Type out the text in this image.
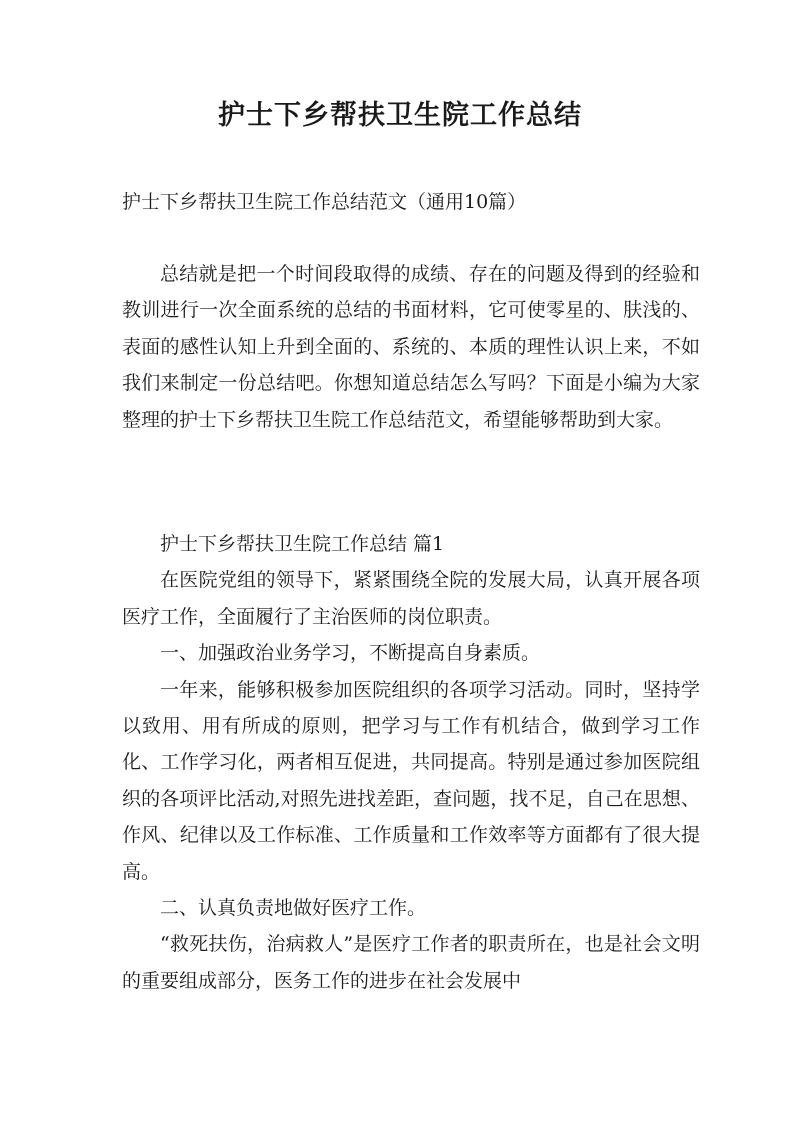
护士下乡帮扶卫生院工作总结
护士下乡帮扶卫生院工作总结范文（通用10篇）

总结就是把一个时间段取得的成绩、存在的问题及得到的经验和教训进行一次全面系统的总结的书面材料，它可使零星的、肤浅的、表面的感性认知上升到全面的、系统的、本质的理性认识上来，不如我们来制定一份总结吧。你想知道总结怎么写吗？下面是小编为大家整理的护士下乡帮扶卫生院工作总结范文，希望能够帮助到大家。

护士下乡帮扶卫生院工作总结 篇1

在医院党组的领导下，紧紧围绕全院的发展大局，认真开展各项医疗工作，全面履行了主治医师的岗位职责。

一、加强政治业务学习，不断提高自身素质。

一年来，能够积极参加医院组织的各项学习活动。同时，坚持学以致用、用有所成的原则，把学习与工作有机结合，做到学习工作化、工作学习化，两者相互促进，共同提高。特别是通过参加医院组织的各项评比活动,对照先进找差距，查问题，找不足，自己在思想、作风、纪律以及工作标准、工作质量和工作效率等方面都有了很大提高。

二、认真负责地做好医疗工作。

“救死扶伤，治病救人”是医疗工作者的职责所在，也是社会文明的重要组成部分，医务工作的进步在社会发展中
